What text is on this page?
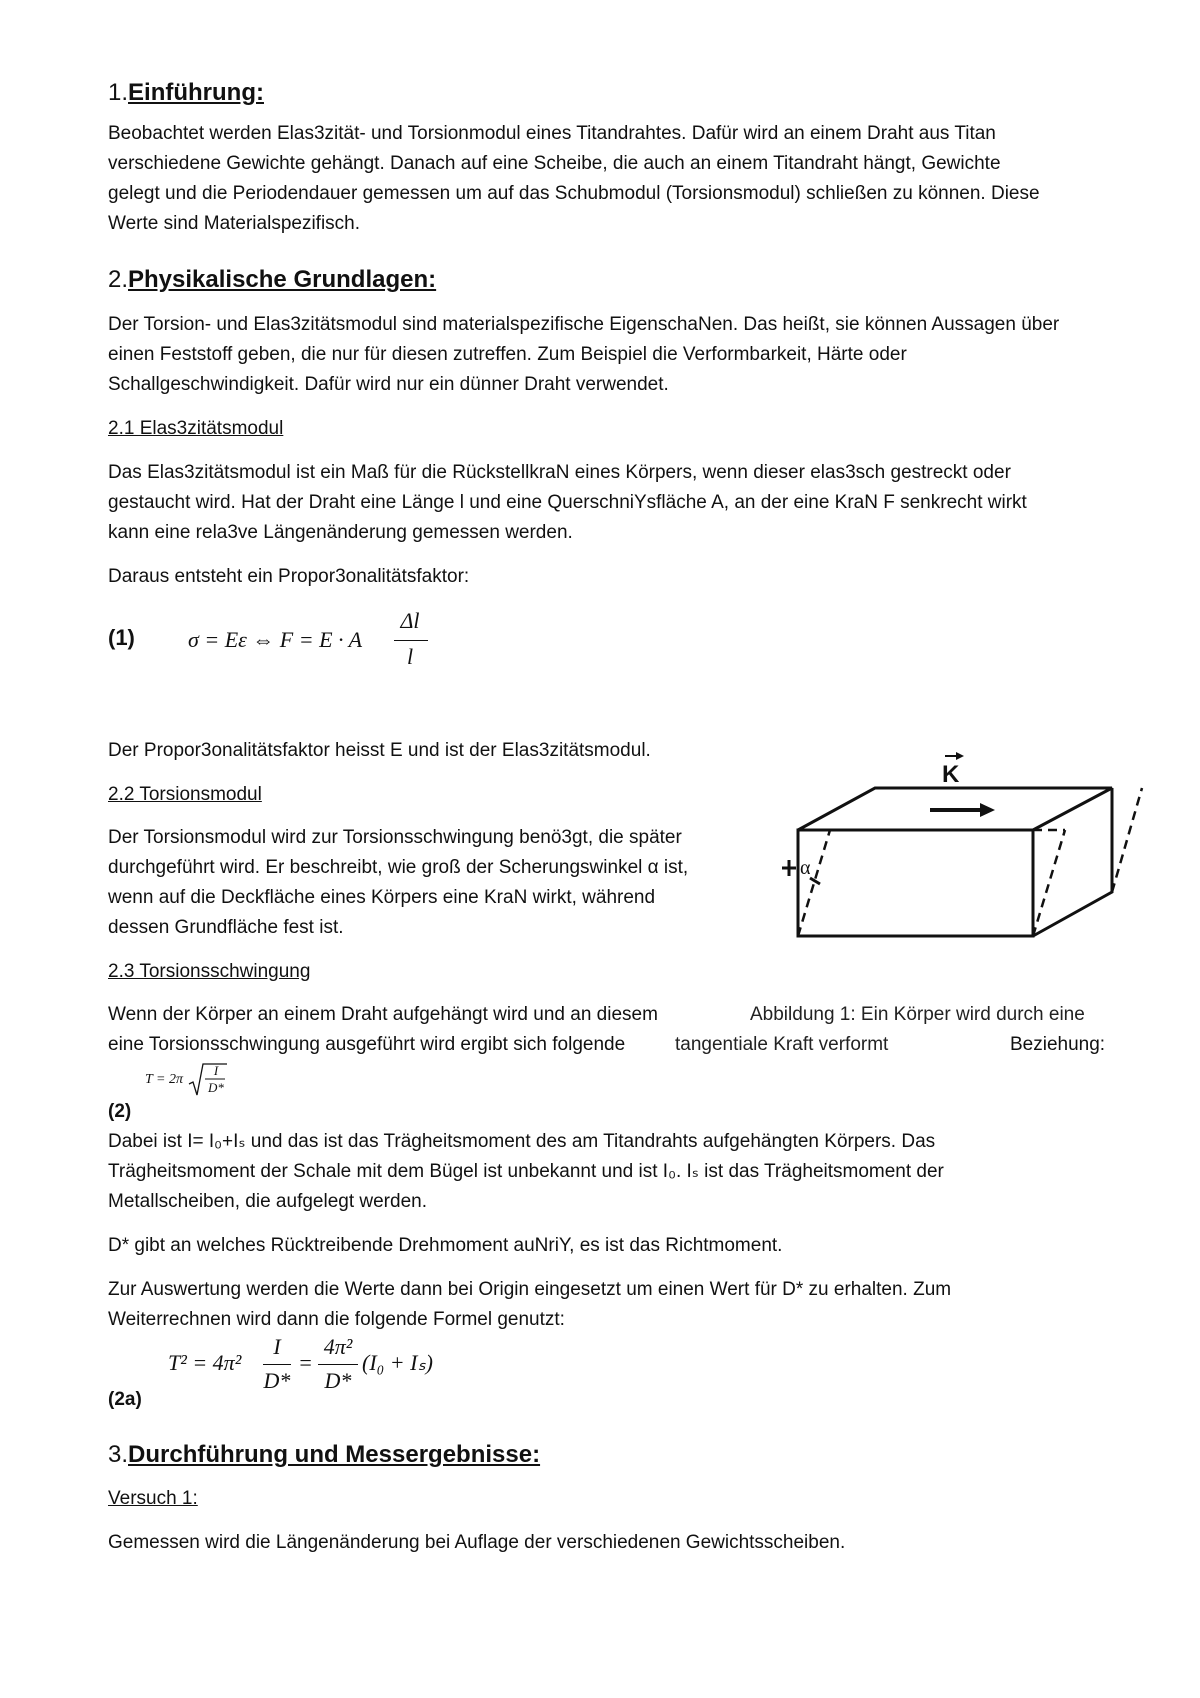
1.Einführung:
Beobachtet werden Elas3zität- und Torsionmodul eines Titandrahtes. Dafür wird an einem Draht aus Titan
verschiedene Gewichte gehängt. Danach auf eine Scheibe, die auch an einem Titandraht hängt, Gewichte
gelegt und die Periodendauer gemessen um auf das Schubmodul (Torsionsmodul) schließen zu können. Diese
Werte sind Materialspezifisch.
2.Physikalische Grundlagen:
Der Torsion- und Elas3zitätsmodul sind materialspezifische EigenschaNen. Das heißt, sie können Aussagen über
einen Feststoff geben, die nur für diesen zutreffen. Zum Beispiel die Verformbarkeit, Härte oder
Schallgeschwindigkeit. Dafür wird nur ein dünner Draht verwendet.
2.1 Elas3zitätsmodul
Das Elas3zitätsmodul ist ein Maß für die RückstellkraN eines Körpers, wenn dieser elas3sch gestreckt oder
gestaucht wird. Hat der Draht eine Länge l und eine QuerschniYsfläche A, an der eine KraN F senkrecht wirkt
kann eine rela3ve Längenänderung gemessen werden.
Daraus entsteht ein Propor3onalitätsfaktor:
(1) σ = Eε ⇔ F = E · A
Δl
l
Der Propor3onalitätsfaktor heisst E und ist der Elas3zitätsmodul.
2.2 Torsionsmodul
Der Torsionsmodul wird zur Torsionsschwingung benö3gt, die später
durchgeführt wird. Er beschreibt, wie groß der Scherungswinkel α ist,
wenn auf die Deckfläche eines Körpers eine KraN wirkt, während
dessen Grundfläche fest ist.
K
α
2.3 Torsionsschwingung
Wenn der Körper an einem Draht aufgehängt wird und an diesem
eine Torsionsschwingung ausgeführt wird ergibt sich folgende	Beziehung:
Abbildung 1: Ein Körper wird durch eine
tangentiale Kraft verformt
T = 2π
I
D*
(2)
Dabei ist I= I₀+Iₛ und das ist das Trägheitsmoment des am Titandrahts aufgehängten Körpers. Das
Trägheitsmoment der Schale mit dem Bügel ist unbekannt und ist I₀. Iₛ ist das Trägheitsmoment der
Metallscheiben, die aufgelegt werden.
D* gibt an welches Rücktreibende Drehmoment auNriY, es ist das Richtmoment.
Zur Auswertung werden die Werte dann bei Origin eingesetzt um einen Wert für D* zu erhalten. Zum
Weiterrechnen wird dann die folgende Formel genutzt:
T² = 4π²
I
D*
=
4π²
D*
(I₀ + Iₛ)
(2a)
3.Durchführung und Messergebnisse:
Versuch 1:
Gemessen wird die Längenänderung bei Auflage der verschiedenen Gewichtsscheiben.
